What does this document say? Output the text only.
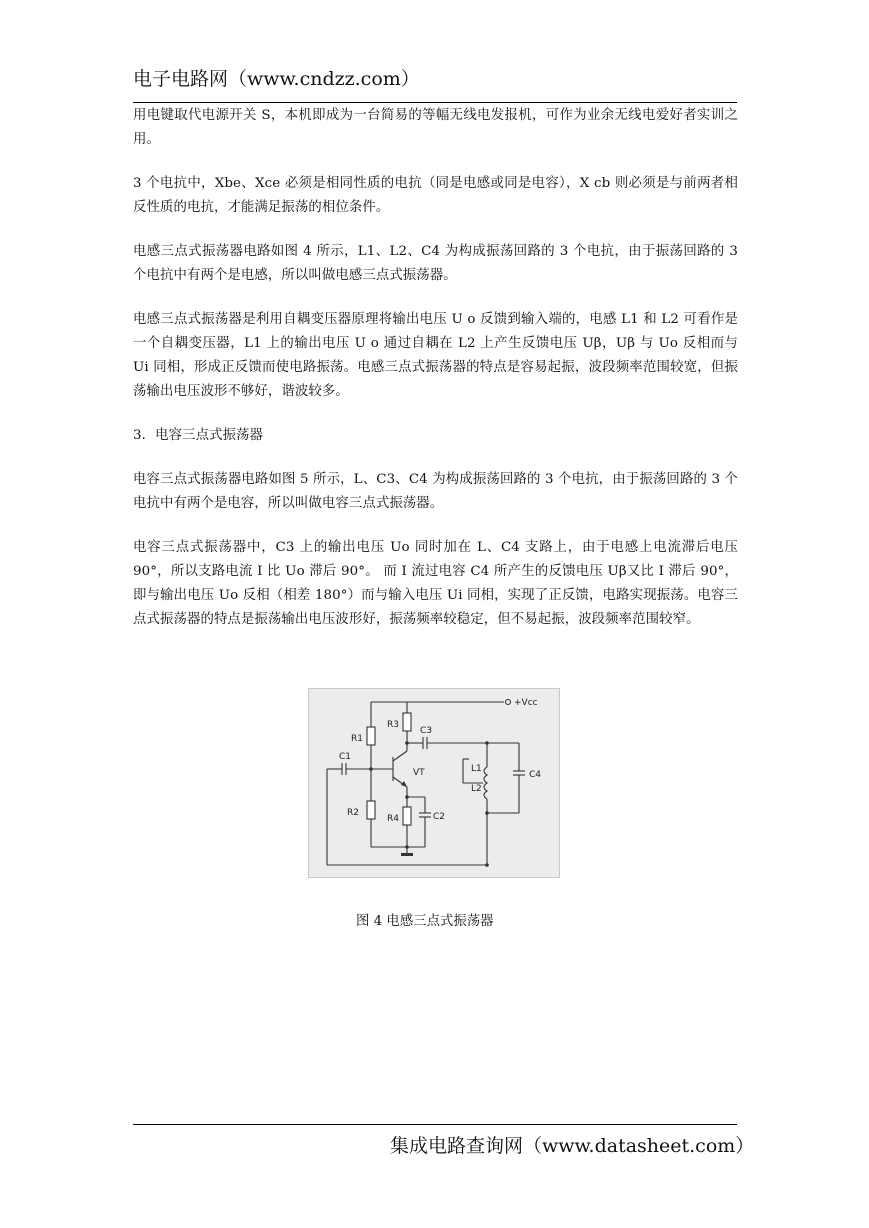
电子电路网（www.cndzz.com）

用电键取代电源开关 S，本机即成为一台简易的等幅无线电发报机，可作为业余无线电爱好者实训之用。

3 个电抗中，Xbe、Xce 必须是相同性质的电抗（同是电感或同是电容），X cb 则必须是与前两者相反性质的电抗，才能满足振荡的相位条件。

电感三点式振荡器电路如图 4 所示，L1、L2、C4 为构成振荡回路的 3 个电抗，由于振荡回路的 3 个电抗中有两个是电感，所以叫做电感三点式振荡器。

电感三点式振荡器是利用自耦变压器原理将输出电压 U o 反馈到输入端的，电感 L1 和 L2 可看作是一个自耦变压器，L1 上的输出电压 U o 通过自耦在 L2 上产生反馈电压 Uβ，Uβ 与 Uo 反相而与 Ui 同相，形成正反馈而使电路振荡。电感三点式振荡器的特点是容易起振，波段频率范围较宽，但振荡输出电压波形不够好，谐波较多。

3．电容三点式振荡器

电容三点式振荡器电路如图 5 所示，L、C3、C4 为构成振荡回路的 3 个电抗，由于振荡回路的 3 个电抗中有两个是电容，所以叫做电容三点式振荡器。

电容三点式振荡器中，C3 上的输出电压 Uo 同时加在 L、C4 支路上，由于电感上电流滞后电压 90°，所以支路电流 I 比 Uo 滞后 90°。 而 I 流过电容 C4 所产生的反馈电压 Uβ又比 I 滞后 90°，即与输出电压 Uo 反相（相差 180°）而与输入电压 Ui 同相，实现了正反馈，电路实现振荡。电容三点式振荡器的特点是振荡输出电压波形好，振荡频率较稳定，但不易起振，波段频率范围较窄。

+Vcc
R1
C1
R2
R3
C3
VT
R4	C2
L1
L2
C4
图 4 电感三点式振荡器
集成电路查询网（www.datasheet.com）
